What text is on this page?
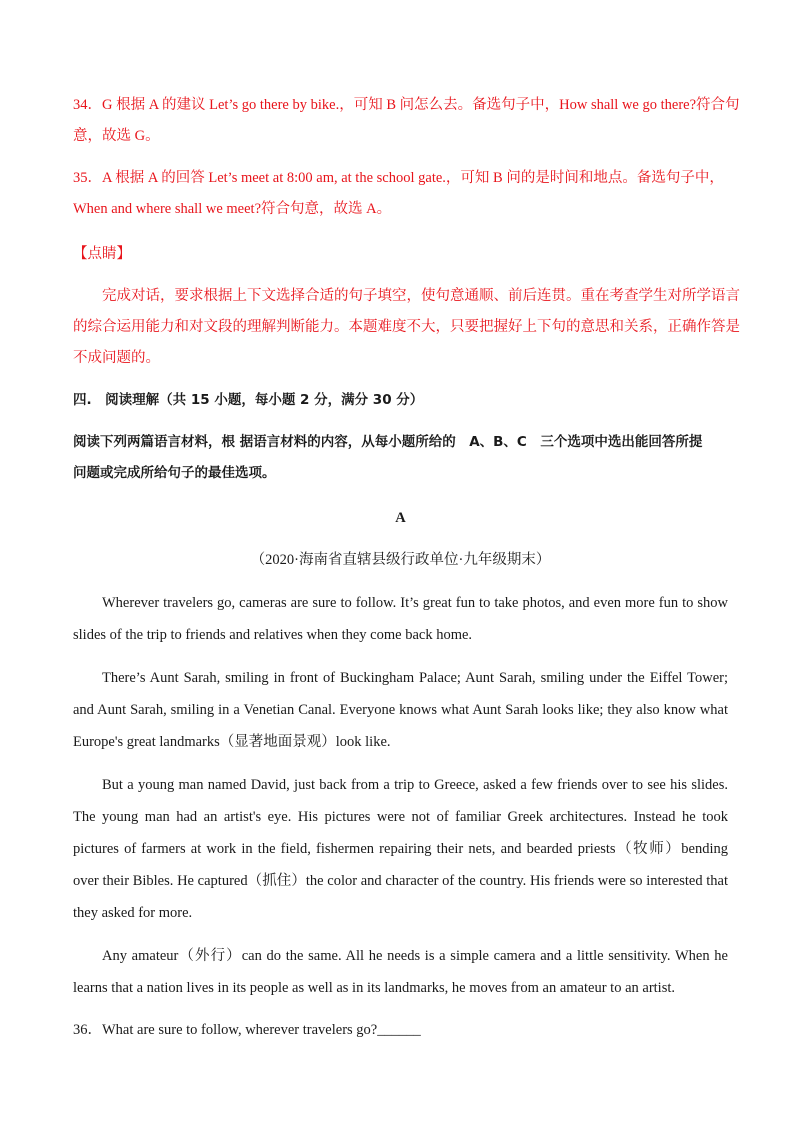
34．G 根据 A 的建议 Let’s go there by bike.，可知 B 问怎么去。备选句子中，How shall we go there?符合句

意，故选 G。

35．A 根据 A 的回答 Let’s meet at 8:00 am, at the school gate.，可知 B 问的是时间和地点。备选句子中，

When and where shall we meet?符合句意，故选 A。

【点睛】

完成对话，要求根据上下文选择合适的句子填空，使句意通顺、前后连贯。重在考查学生对所学语言

的综合运用能力和对文段的理解判断能力。本题难度不大，只要把握好上下句的意思和关系，正确作答是

不成问题的。

四.　阅读理解（共 15 小题，每小题 2 分，满分 30 分）

阅读下列两篇语言材料，根 据语言材料的内容，从每小题所给的　A、B、C　三个选项中选出能回答所提

问题或完成所给句子的最佳选项。

A

（2020·海南省直辖县级行政单位·九年级期末）

Wherever travelers go, cameras are sure to follow. It’s great fun to take photos, and even more fun to show slides of the trip to friends and relatives when they come back home.

There’s Aunt Sarah, smiling in front of Buckingham Palace; Aunt Sarah, smiling under the Eiffel Tower; and Aunt Sarah, smiling in a Venetian Canal. Everyone knows what Aunt Sarah looks like; they also know what Europe's great landmarks（显著地面景观）look like.

But a young man named David, just back from a trip to Greece, asked a few friends over to see his slides. The young man had an artist's eye. His pictures were not of familiar Greek architectures. Instead he took pictures of farmers at work in the field, fishermen repairing their nets, and bearded priests（牧师）bending over their Bibles. He captured（抓住）the color and character of the country. His friends were so interested that they asked for more.

Any amateur（外行）can do the same. All he needs is a simple camera and a little sensitivity. When he learns that a nation lives in its people as well as in its landmarks, he moves from an amateur to an artist.

36．What are sure to follow, wherever travelers go?______
